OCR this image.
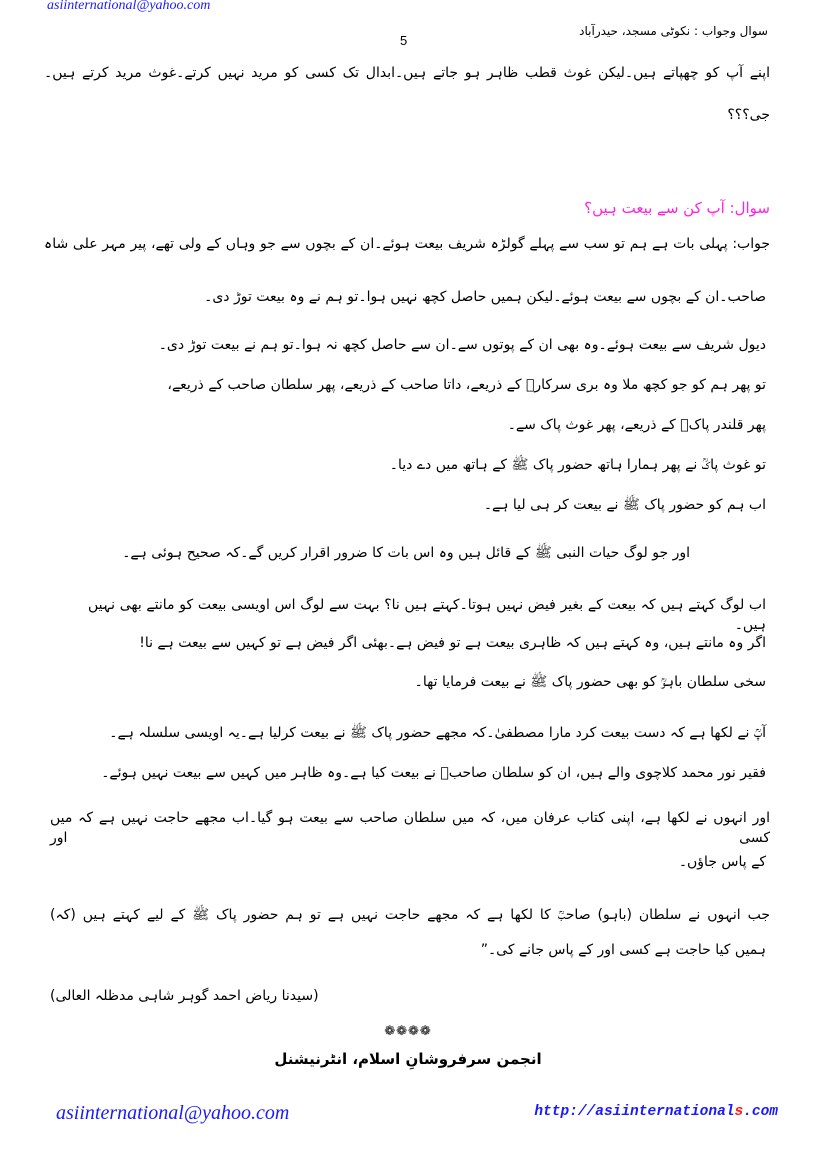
asiinternational@yahoo.com
سوال وجواب : نکوٹی مسجد، حیدرآباد
5
اپنے آپ کو چھپاتے ہیں۔لیکن غوث قطب ظاہر ہو جاتے ہیں۔ابدال تک کسی کو مرید نہیں کرتے۔غوث مرید کرتے ہیں۔
جی؟؟؟
سوال: آپ کن سے بیعت ہیں؟
جواب: پہلی بات ہے ہم تو سب سے پہلے گولڑہ شریف بیعت ہوئے۔ان کے بچوں سے جو وہاں کے ولی تھے، پیر مہر علی شاہ
صاحب۔ان کے بچوں سے بیعت ہوئے۔لیکن ہمیں حاصل کچھ نہیں ہوا۔تو ہم نے وہ بیعت توڑ دی۔
دیول شریف سے بیعت ہوئے۔وہ بھی ان کے پوتوں سے۔ان سے حاصل کچھ نہ ہوا۔تو ہم نے بیعت توڑ دی۔
تو پھر ہم کو جو کچھ ملا وہ بری سرکارؒ کے ذریعے، داتا صاحب کے ذریعے، پھر سلطان صاحب کے ذریعے،
پھر قلندر پاکؒ کے ذریعے، پھر غوث پاک سے۔
تو غوث پاکؒ نے پھر ہمارا ہاتھ حضور پاک ﷺ کے ہاتھ میں دے دیا۔
اب ہم کو حضور پاک ﷺ نے بیعت کر ہی لیا ہے۔
اور جو لوگ حیات النبی ﷺ کے قائل ہیں وہ اس بات کا ضرور اقرار کریں گے۔کہ صحیح ہوئی ہے۔
اب لوگ کہتے ہیں کہ بیعت کے بغیر فیض نہیں ہوتا۔کہتے ہیں نا؟ بہت سے لوگ اس اویسی بیعت کو مانتے بھی نہیں ہیں۔
اگر وہ مانتے ہیں، وہ کہتے ہیں کہ ظاہری بیعت ہے تو فیض ہے۔بھئی اگر فیض ہے تو کہیں سے بیعت ہے نا!
سخی سلطان باہوؒ کو بھی حضور پاک ﷺ نے بیعت فرمایا تھا۔
آپؒ نے لکھا ہے کہ دست بیعت کرد مارا مصطفیٰ۔کہ مجھے حضور پاک ﷺ نے بیعت کرلیا ہے۔یہ اویسی سلسلہ ہے۔
فقیر نور محمد کلاچوی والے ہیں، ان کو سلطان صاحبؒ نے بیعت کیا ہے۔وہ ظاہر میں کہیں سے بیعت نہیں ہوئے۔
اور انہوں نے لکھا ہے، اپنی کتاب عرفان میں، کہ میں سلطان صاحب سے بیعت ہو گیا۔اب مجھے حاجت نہیں ہے کہ میں کسی اور
کے پاس جاؤں۔
جب انہوں نے سلطان (باہو) صاحبؒ کا لکھا ہے کہ مجھے حاجت نہیں ہے تو ہم حضور پاک ﷺ کے لیے کہتے ہیں (کہ)
ہمیں کیا حاجت ہے کسی اور کے پاس جانے کی۔”
(سیدنا ریاض احمد گوہر شاہی مدظلہ العالی)
❁❁❁❁
انجمن سرفروشانِ اسلام، انٹرنیشنل
asiinternational@yahoo.com	http://asiinternationals.com
